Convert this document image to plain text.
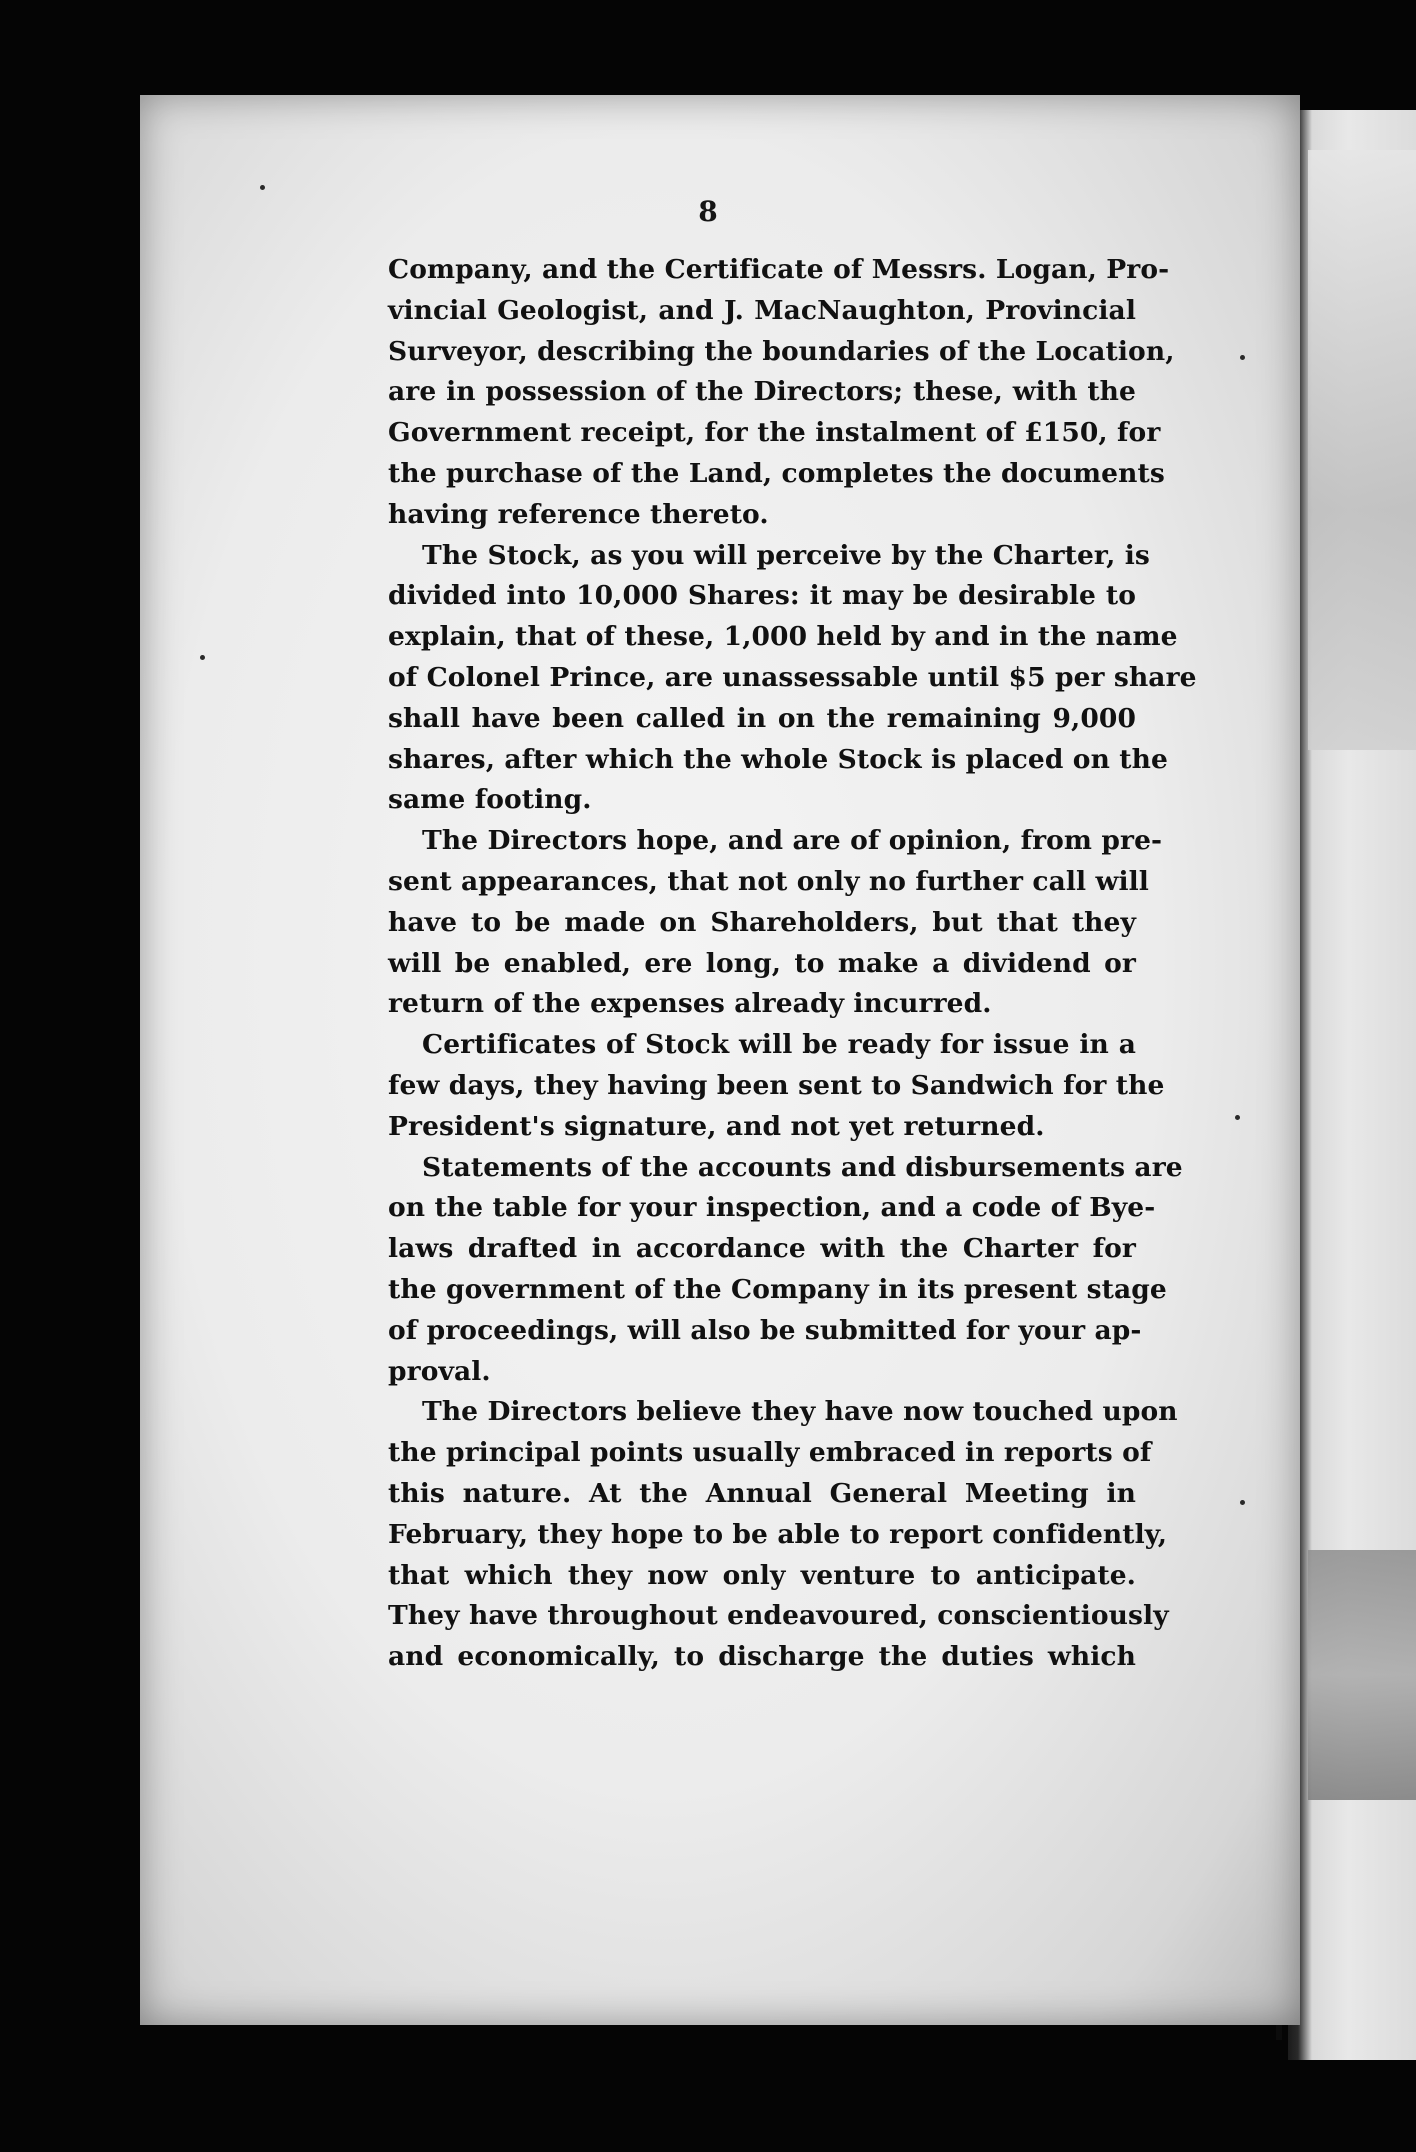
8
Company, and the Certificate of Messrs. Logan, Pro-
vincial Geologist, and J. MacNaughton, Provincial
Surveyor, describing the boundaries of the Location,
are in possession of the Directors; these, with the
Government receipt, for the instalment of £150, for
the purchase of the Land, completes the documents
having reference thereto.
The Stock, as you will perceive by the Charter, is
divided into 10,000 Shares: it may be desirable to
explain, that of these, 1,000 held by and in the name
of Colonel Prince, are unassessable until $5 per share
shall have been called in on the remaining 9,000
shares, after which the whole Stock is placed on the
same footing.
The Directors hope, and are of opinion, from pre-
sent appearances, that not only no further call will
have to be made on Shareholders, but that they
will be enabled, ere long, to make a dividend or
return of the expenses already incurred.
Certificates of Stock will be ready for issue in a
few days, they having been sent to Sandwich for the
President's signature, and not yet returned.
Statements of the accounts and disbursements are
on the table for your inspection, and a code of Bye-
laws drafted in accordance with the Charter for
the government of the Company in its present stage
of proceedings, will also be submitted for your ap-
proval.
The Directors believe they have now touched upon
the principal points usually embraced in reports of
this nature. At the Annual General Meeting in
February, they hope to be able to report confidently,
that which they now only venture to anticipate.
They have throughout endeavoured, conscientiously
and economically, to discharge the duties which
